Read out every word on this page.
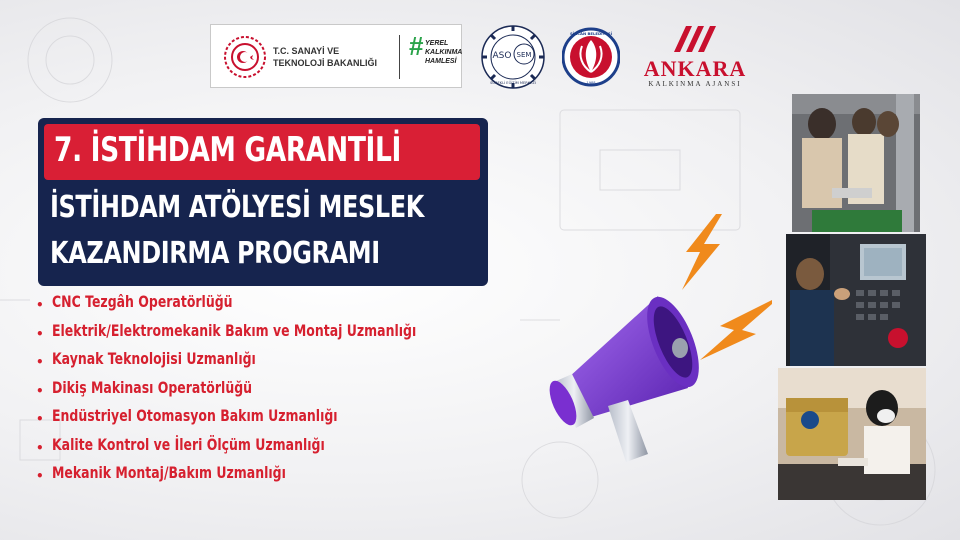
T.C. SANAYİ VE
TEKNOLOJİ BAKANLIĞI
# YEREL
KALKINMA
HAMLESİ
ASO SEM
SÜREKLİ EĞİTİM MERKEZİ
SİNCAN BELEDİYESİ
1988
ANKARA
KALKINMA AJANSI
7. İSTİHDAM GARANTİLİ
İSTİHDAM ATÖLYESİ MESLEK
KAZANDIRMA PROGRAMI
• CNC Tezgâh Operatörlüğü
• Elektrik/Elektromekanik Bakım ve Montaj Uzmanlığı
• Kaynak Teknolojisi Uzmanlığı
• Dikiş Makinası Operatörlüğü
• Endüstriyel Otomasyon Bakım Uzmanlığı
• Kalite Kontrol ve İleri Ölçüm Uzmanlığı
• Mekanik Montaj/Bakım Uzmanlığı
